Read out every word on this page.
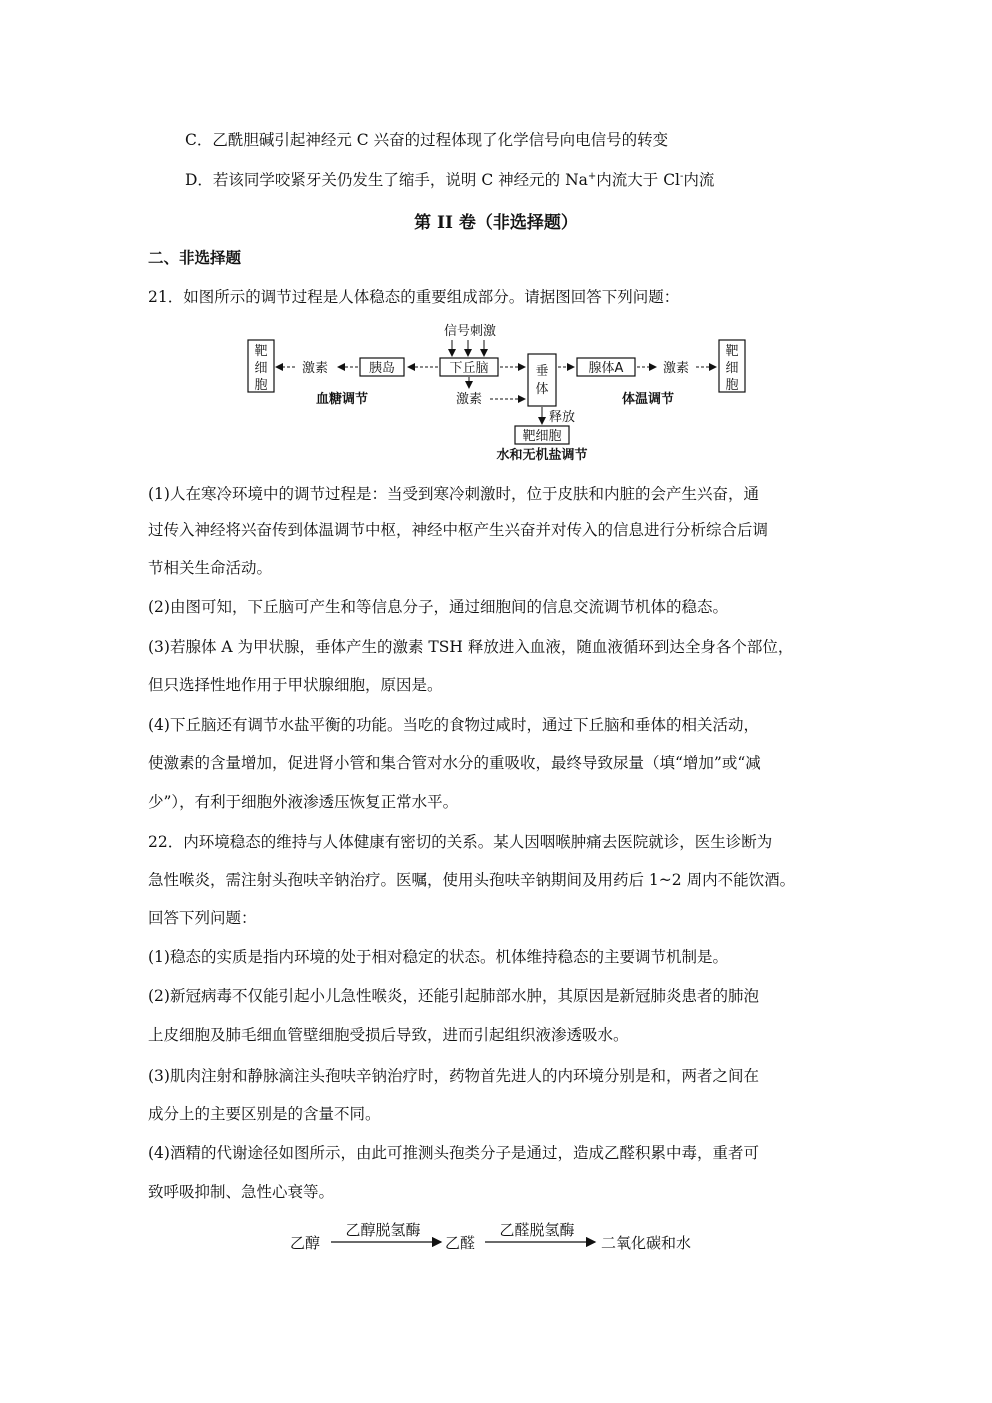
C．乙酰胆碱引起神经元 C 兴奋的过程体现了化学信号向电信号的转变
D．若该同学咬紧牙关仍发生了缩手，说明 C 神经元的 Na+内流大于 Cl-内流
第 II 卷（非选择题）
二、非选择题
21．如图所示的调节过程是人体稳态的重要组成部分。请据图回答下列问题：
靶
细
胞
激素	胰岛
信号刺激
下丘脑
激素
垂
体
腺体A	激素
靶
细
胞
释放
靶细胞
血糖调节	体温调节
水和无机盐调节
(1)人在寒冷环境中的调节过程是：当受到寒冷刺激时，位于皮肤和内脏的会产生兴奋，通
过传入神经将兴奋传到体温调节中枢，神经中枢产生兴奋并对传入的信息进行分析综合后调
节相关生命活动。
(2)由图可知，下丘脑可产生和等信息分子，通过细胞间的信息交流调节机体的稳态。
(3)若腺体 A 为甲状腺，垂体产生的激素 TSH 释放进入血液，随血液循环到达全身各个部位，
但只选择性地作用于甲状腺细胞，原因是。
(4)下丘脑还有调节水盐平衡的功能。当吃的食物过咸时，通过下丘脑和垂体的相关活动，
使激素的含量增加，促进肾小管和集合管对水分的重吸收，最终导致尿量（填“增加”或“减
少”），有利于细胞外液渗透压恢复正常水平。
22．内环境稳态的维持与人体健康有密切的关系。某人因咽喉肿痛去医院就诊，医生诊断为
急性喉炎，需注射头孢呋辛钠治疗。医嘱，使用头孢呋辛钠期间及用药后 1~2 周内不能饮酒。
回答下列问题：
(1)稳态的实质是指内环境的处于相对稳定的状态。机体维持稳态的主要调节机制是。
(2)新冠病毒不仅能引起小儿急性喉炎，还能引起肺部水肿，其原因是新冠肺炎患者的肺泡
上皮细胞及肺毛细血管壁细胞受损后导致，进而引起组织液渗透吸水。
(3)肌肉注射和静脉滴注头孢呋辛钠治疗时，药物首先进人的内环境分别是和，两者之间在
成分上的主要区别是的含量不同。
(4)酒精的代谢途径如图所示，由此可推测头孢类分子是通过，造成乙醛积累中毒，重者可
致呼吸抑制、急性心衰等。
乙醇
乙醇脱氢酶
乙醛
乙醛脱氢酶
二氧化碳和水
